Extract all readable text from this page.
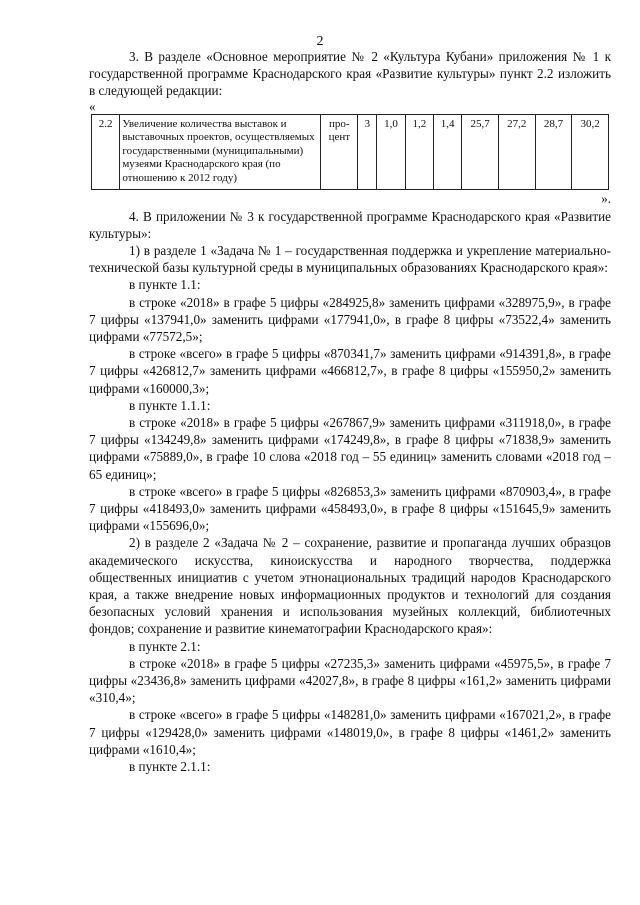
2

3. В разделе «Основное мероприятие № 2 «Культура Кубани» приложения № 1 к государственной программе Краснодарского края «Развитие культуры» пункт 2.2 изложить в следующей редакции:

«

2.2	Увеличение количества выставок и выставочных проектов, осуществляемых государственными (муниципальными) музеями Краснодарского края (по отношению к 2012 году)	про- цент	3	1,0	1,2	1,4	25,7	27,2	28,7	30,2

».

4. В приложении № 3 к государственной программе Краснодарского края «Развитие культуры»:

1) в разделе 1 «Задача № 1 – государственная поддержка и укрепление материально-технической базы культурной среды в муниципальных образованиях Краснодарского края»:

в пункте 1.1:

в строке «2018» в графе 5 цифры «284925,8» заменить цифрами «328975,9», в графе 7 цифры «137941,0» заменить цифрами «177941,0», в графе 8 цифры «73522,4» заменить цифрами «77572,5»;

в строке «всего» в графе 5 цифры «870341,7» заменить цифрами «914391,8», в графе 7 цифры «426812,7» заменить цифрами «466812,7», в графе 8 цифры «155950,2» заменить цифрами «160000,3»;

в пункте 1.1.1:

в строке «2018» в графе 5 цифры «267867,9» заменить цифрами «311918,0», в графе 7 цифры «134249,8» заменить цифрами «174249,8», в графе 8 цифры «71838,9» заменить цифрами «75889,0», в графе 10 слова «2018 год – 55 единиц» заменить словами «2018 год – 65 единиц»;

в строке «всего» в графе 5 цифры «826853,3» заменить цифрами «870903,4», в графе 7 цифры «418493,0» заменить цифрами «458493,0», в графе 8 цифры «151645,9» заменить цифрами «155696,0»;

2) в разделе 2 «Задача № 2 – сохранение, развитие и пропаганда лучших образцов академического искусства, киноискусства и народного творчества, поддержка общественных инициатив с учетом этнонациональных традиций народов Краснодарского края, а также внедрение новых информационных продуктов и технологий для создания безопасных условий хранения и использования музейных коллекций, библиотечных фондов; сохранение и развитие кинематографии Краснодарского края»:

в пункте 2.1:

в строке «2018» в графе 5 цифры «27235,3» заменить цифрами «45975,5», в графе 7 цифры «23436,8» заменить цифрами «42027,8», в графе 8 цифры «161,2» заменить цифрами «310,4»;

в строке «всего» в графе 5 цифры «148281,0» заменить цифрами «167021,2», в графе 7 цифры «129428,0» заменить цифрами «148019,0», в графе 8 цифры «1461,2» заменить цифрами «1610,4»;

в пункте 2.1.1:
